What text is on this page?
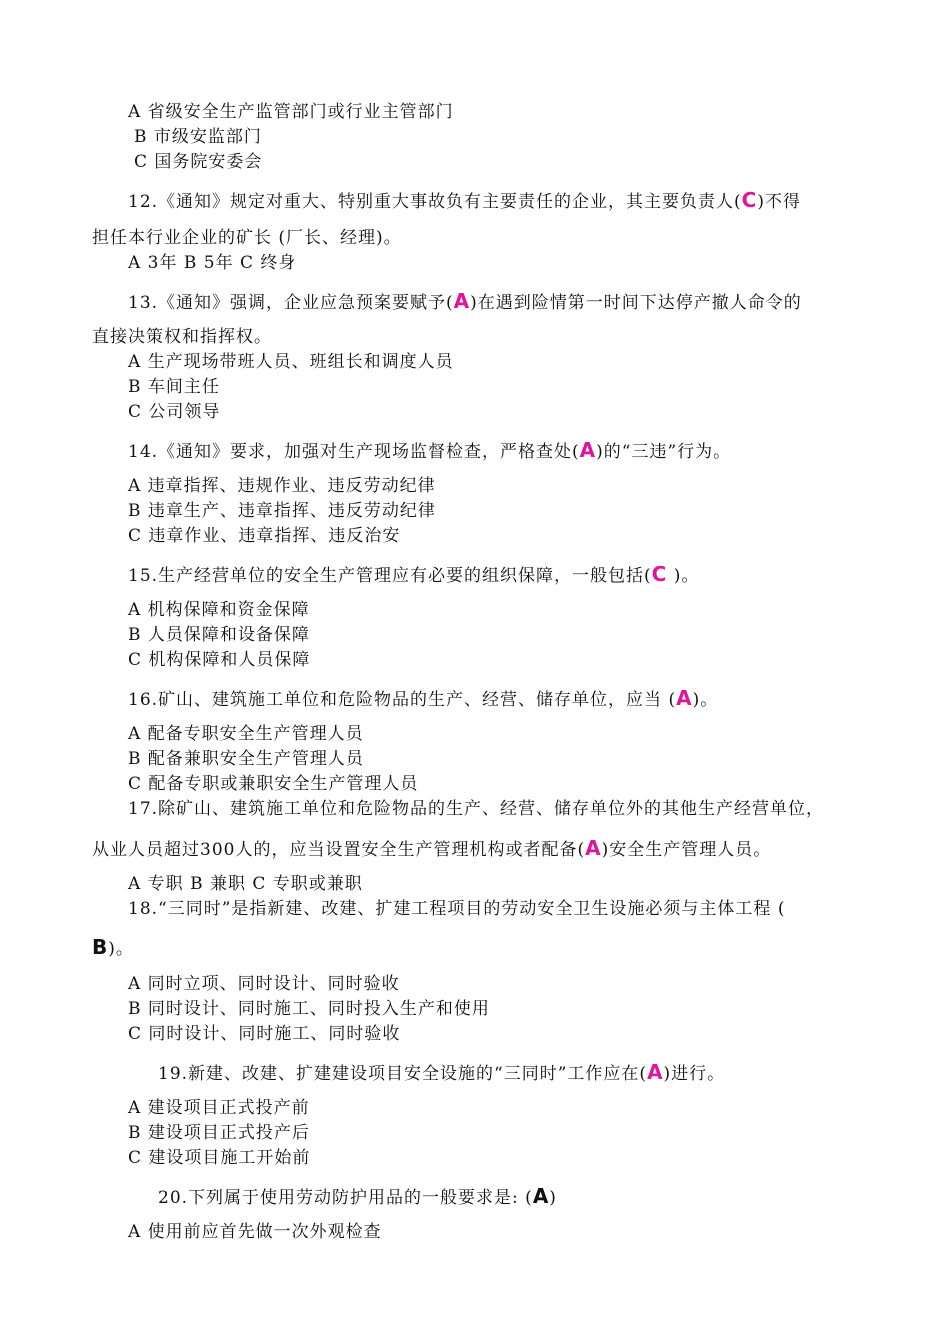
A 省级安全生产监管部门或行业主管部门
B 市级安监部门
C 国务院安委会
12.《通知》规定对重大、特别重大事故负有主要责任的企业，其主要负责人(C)不得
担任本行业企业的矿长 (厂长、经理)。
A 3年 B 5年 C 终身
13.《通知》强调，企业应急预案要赋予(A)在遇到险情第一时间下达停产撤人命令的
直接决策权和指挥权。
A 生产现场带班人员、班组长和调度人员
B 车间主任
C 公司领导
14.《通知》要求，加强对生产现场监督检查，严格查处(A)的“三违”行为。
A 违章指挥、违规作业、违反劳动纪律
B 违章生产、违章指挥、违反劳动纪律
C 违章作业、违章指挥、违反治安
15.生产经营单位的安全生产管理应有必要的组织保障，一般包括(C )。
A 机构保障和资金保障
B 人员保障和设备保障
C 机构保障和人员保障
16.矿山、建筑施工单位和危险物品的生产、经营、储存单位，应当 (A)。
A 配备专职安全生产管理人员
B 配备兼职安全生产管理人员
C 配备专职或兼职安全生产管理人员
17.除矿山、建筑施工单位和危险物品的生产、经营、储存单位外的其他生产经营单位，
从业人员超过300人的，应当设置安全生产管理机构或者配备(A)安全生产管理人员。
A 专职 B 兼职 C 专职或兼职
18.“三同时”是指新建、改建、扩建工程项目的劳动安全卫生设施必须与主体工程 (
B)。
A 同时立项、同时设计、同时验收
B 同时设计、同时施工、同时投入生产和使用
C 同时设计、同时施工、同时验收
19.新建、改建、扩建建设项目安全设施的“三同时”工作应在(A)进行。
A 建设项目正式投产前
B 建设项目正式投产后
C 建设项目施工开始前
20.下列属于使用劳动防护用品的一般要求是: (A)
A 使用前应首先做一次外观检查
